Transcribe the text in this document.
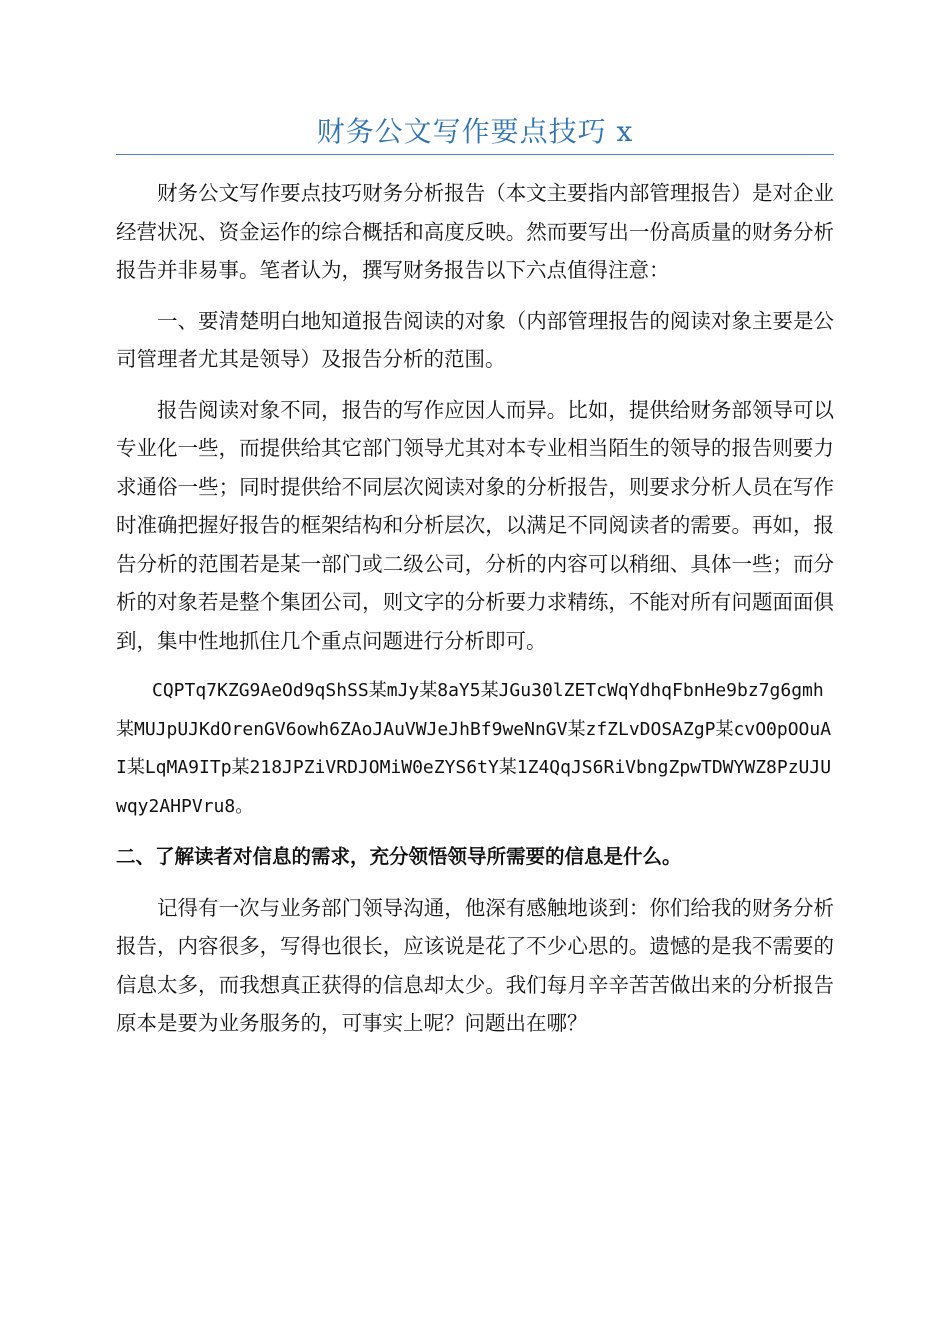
财务公文写作要点技巧 x

财务公文写作要点技巧财务分析报告（本文主要指内部管理报告）是对企业经营状况、资金运作的综合概括和高度反映。然而要写出一份高质量的财务分析报告并非易事。笔者认为，撰写财务报告以下六点值得注意：

一、要清楚明白地知道报告阅读的对象（内部管理报告的阅读对象主要是公司管理者尤其是领导）及报告分析的范围。

报告阅读对象不同，报告的写作应因人而异。比如，提供给财务部领导可以专业化一些，而提供给其它部门领导尤其对本专业相当陌生的领导的报告则要力求通俗一些；同时提供给不同层次阅读对象的分析报告，则要求分析人员在写作时准确把握好报告的框架结构和分析层次，以满足不同阅读者的需要。再如，报告分析的范围若是某一部门或二级公司，分析的内容可以稍细、具体一些；而分析的对象若是整个集团公司，则文字的分析要力求精练，不能对所有问题面面俱到，集中性地抓住几个重点问题进行分析即可。

CQPTq7KZG9AeOd9qShSS某mJy某8aY5某JGu30lZETcWqYdhqFbnHe9bz7g6gmh某MUJpUJKdOrenGV6owh6ZAoJAuVWJeJhBf9weNnGV某zfZLvDOSAZgP某cvO0pOOuAI某LqMA9ITp某218JPZiVRDJOMiW0eZYS6tY某1Z4QqJS6RiVbngZpwTDWYWZ8PzUJUwqy2AHPVru8。

二、了解读者对信息的需求，充分领悟领导所需要的信息是什么。

记得有一次与业务部门领导沟通，他深有感触地谈到：你们给我的财务分析报告，内容很多，写得也很长，应该说是花了不少心思的。遗憾的是我不需要的信息太多，而我想真正获得的信息却太少。我们每月辛辛苦苦做出来的分析报告原本是要为业务服务的，可事实上呢？问题出在哪？
